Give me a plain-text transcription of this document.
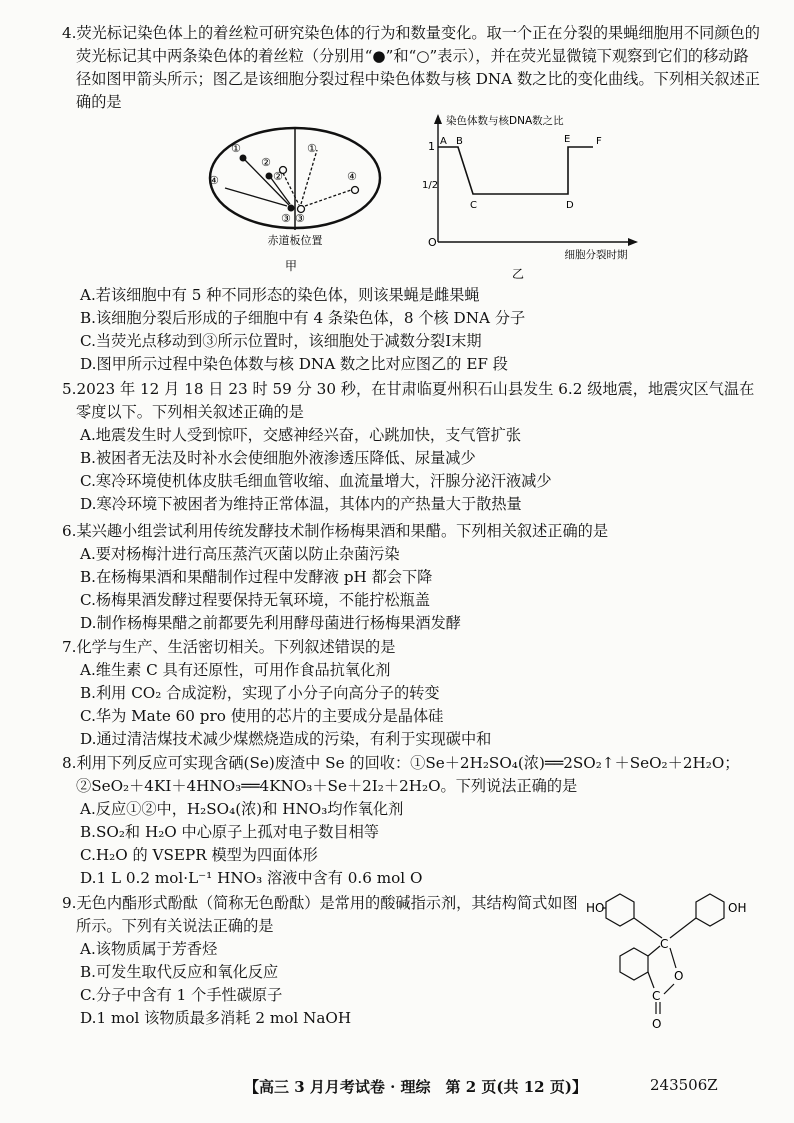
4.荧光标记染色体上的着丝粒可研究染色体的行为和数量变化。取一个正在分裂的果蝇细胞用不同颜色的荧光标记其中两条染色体的着丝粒（分别用“●”和“○”表示），并在荧光显微镜下观察到它们的移动路径如图甲箭头所示；图乙是该细胞分裂过程中染色体数与核 DNA 数之比的变化曲线。下列相关叙述正确的是

①
②
③
④
①
②
③
④
赤道板位置
甲
染色体数与核DNA数之比
细胞分裂时期
O
1
1/2
A B
C	D
E	F
乙

A.若该细胞中有 5 种不同形态的染色体，则该果蝇是雌果蝇

B.该细胞分裂后形成的子细胞中有 4 条染色体，8 个核 DNA 分子

C.当荧光点移动到③所示位置时，该细胞处于减数分裂Ⅰ末期

D.图甲所示过程中染色体数与核 DNA 数之比对应图乙的 EF 段

5.2023 年 12 月 18 日 23 时 59 分 30 秒，在甘肃临夏州积石山县发生 6.2 级地震，地震灾区气温在零度以下。下列相关叙述正确的是

A.地震发生时人受到惊吓，交感神经兴奋，心跳加快，支气管扩张

B.被困者无法及时补水会使细胞外液渗透压降低、尿量减少

C.寒冷环境使机体皮肤毛细血管收缩、血流量增大，汗腺分泌汗液减少

D.寒冷环境下被困者为维持正常体温，其体内的产热量大于散热量

6.某兴趣小组尝试利用传统发酵技术制作杨梅果酒和果醋。下列相关叙述正确的是

A.要对杨梅汁进行高压蒸汽灭菌以防止杂菌污染

B.在杨梅果酒和果醋制作过程中发酵液 pH 都会下降

C.杨梅果酒发酵过程要保持无氧环境，不能拧松瓶盖

D.制作杨梅果醋之前都要先利用酵母菌进行杨梅果酒发酵

7.化学与生产、生活密切相关。下列叙述错误的是

A.维生素 C 具有还原性，可用作食品抗氧化剂

B.利用 CO₂ 合成淀粉，实现了小分子向高分子的转变

C.华为 Mate 60 pro 使用的芯片的主要成分是晶体硅

D.通过清洁煤技术减少煤燃烧造成的污染，有利于实现碳中和

8.利用下列反应可实现含硒(Se)废渣中 Se 的回收：①Se＋2H₂SO₄(浓)══2SO₂↑＋SeO₂＋2H₂O；②SeO₂＋4KI＋4HNO₃══4KNO₃＋Se＋2I₂＋2H₂O。下列说法正确的是

A.反应①②中，H₂SO₄(浓)和 HNO₃均作氧化剂

B.SO₂和 H₂O 中心原子上孤对电子数目相等

C.H₂O 的 VSEPR 模型为四面体形

D.1 L 0.2 mol·L⁻¹ HNO₃ 溶液中含有 0.6 mol O

9.无色内酯形式酚酞（简称无色酚酞）是常用的酸碱指示剂，其结构简式如图所示。下列有关说法正确的是

A.该物质属于芳香烃

B.可发生取代反应和氧化反应

C.分子中含有 1 个手性碳原子

D.1 mol 该物质最多消耗 2 mol NaOH

HO	OH
C
O
C
O
【高三 3 月月考试卷 · 理综　第 2 页(共 12 页)】	243506Z
